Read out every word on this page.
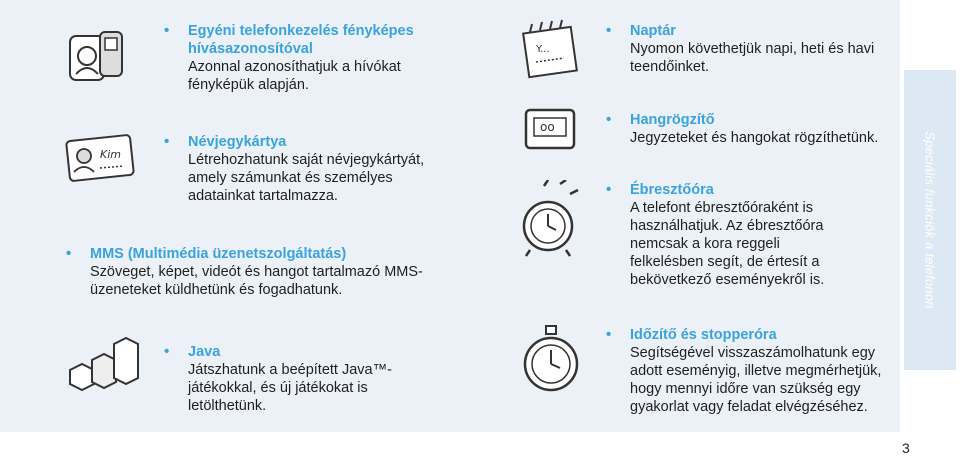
Speciális funkciók a telefonon
Kim
Y...
oo
• Egyéni telefonkezelés fényképes hívásazonosítóval
Azonnal azonosíthatjuk a hívókat fényképük alapján.
• Névjegykártya
Létrehozhatunk saját névjegykártyát, amely számunkat és személyes adatainkat tartalmazza.
• MMS (Multimédia üzenetszolgáltatás)
Szöveget, képet, videót és hangot tartalmazó MMS-üzeneteket küldhetünk és fogadhatunk.
• Java
Játszhatunk a beépített Java™-játékokkal, és új játékokat is letölthetünk.
• Naptár
Nyomon követhetjük napi, heti és havi teendőinket.
• Hangrögzítő
Jegyzeteket és hangokat rögzíthetünk.
• Ébresztőóra
A telefont ébresztőóraként is használhatjuk. Az ébresztőóra nemcsak a kora reggeli felkelésben segít, de értesít a bekövetkező eseményekről is.
• Időzítő és stopperóra
Segítségével visszaszámolhatunk egy adott eseményig, illetve megmérhetjük, hogy mennyi időre van szükség egy gyakorlat vagy feladat elvégzéséhez.
3
